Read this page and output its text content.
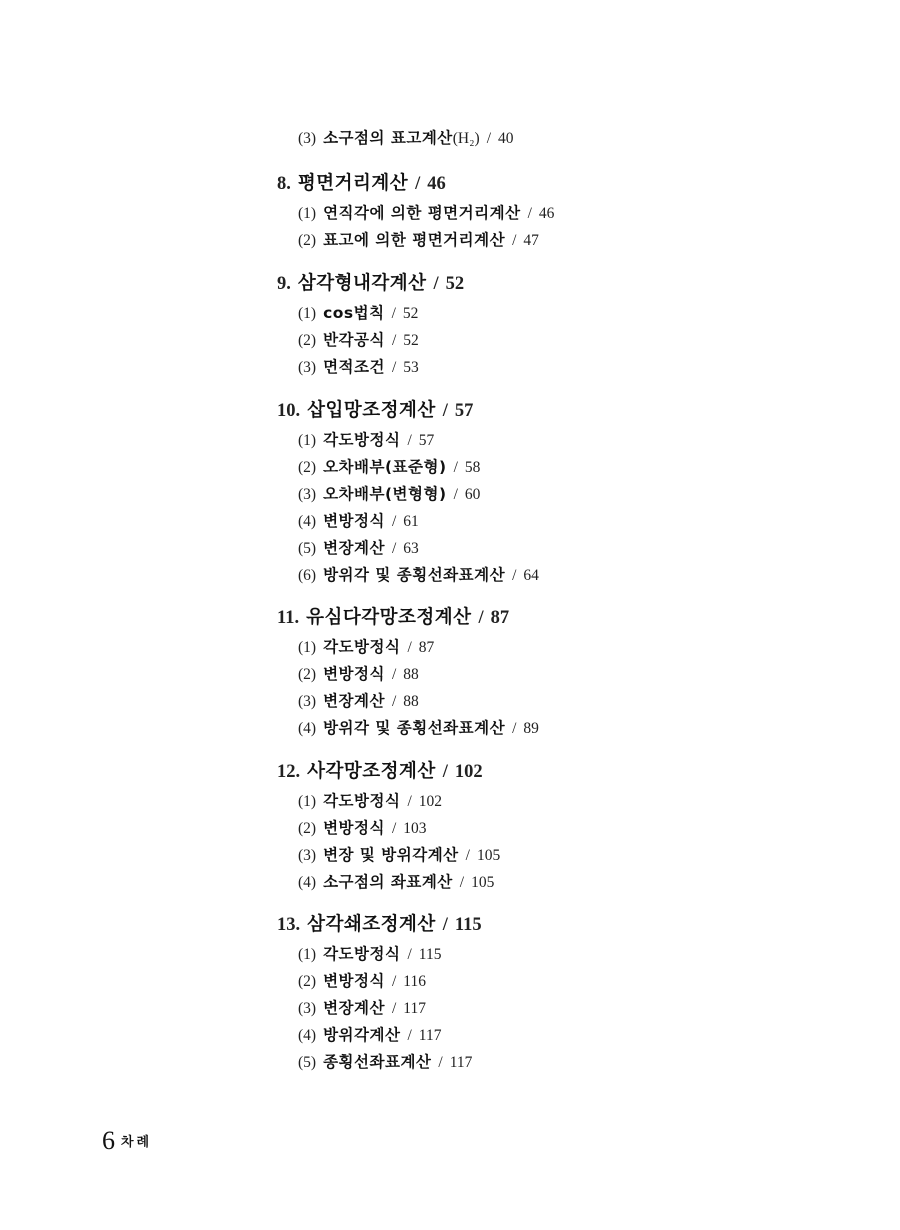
(3) 소구점의 표고계산(H₂) / 40
8. 평면거리계산 / 46
(1) 연직각에 의한 평면거리계산 / 46
(2) 표고에 의한 평면거리계산 / 47
9. 삼각형내각계산 / 52
(1) cos법칙 / 52
(2) 반각공식 / 52
(3) 면적조건 / 53
10. 삽입망조정계산 / 57
(1) 각도방정식 / 57
(2) 오차배부(표준형) / 58
(3) 오차배부(변형형) / 60
(4) 변방정식 / 61
(5) 변장계산 / 63
(6) 방위각 및 종횡선좌표계산 / 64
11. 유심다각망조정계산 / 87
(1) 각도방정식 / 87
(2) 변방정식 / 88
(3) 변장계산 / 88
(4) 방위각 및 종횡선좌표계산 / 89
12. 사각망조정계산 / 102
(1) 각도방정식 / 102
(2) 변방정식 / 103
(3) 변장 및 방위각계산 / 105
(4) 소구점의 좌표계산 / 105
13. 삼각쇄조정계산 / 115
(1) 각도방정식 / 115
(2) 변방정식 / 116
(3) 변장계산 / 117
(4) 방위각계산 / 117
(5) 종횡선좌표계산 / 117
6 차례
